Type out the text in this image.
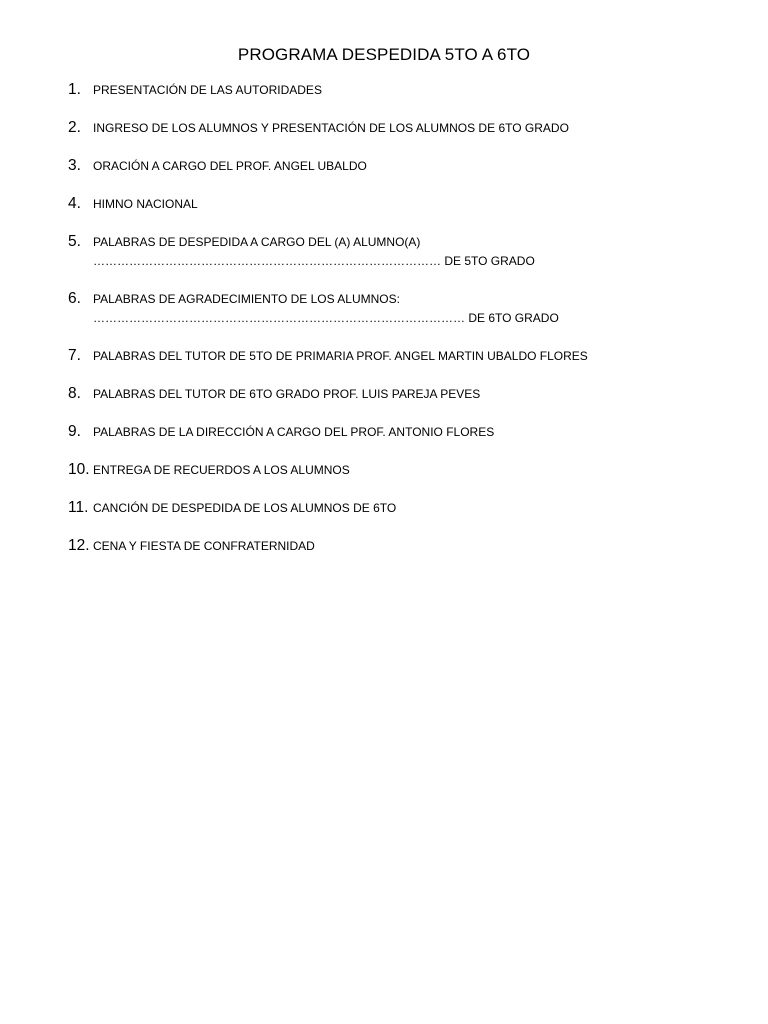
PROGRAMA DESPEDIDA 5TO A 6TO
1.	PRESENTACIÓN DE LAS AUTORIDADES
2.	INGRESO DE LOS ALUMNOS Y PRESENTACIÓN DE LOS ALUMNOS DE 6TO GRADO
3.	ORACIÓN A CARGO DEL PROF. ANGEL UBALDO
4.	HIMNO NACIONAL
5.	PALABRAS DE DESPEDIDA A CARGO DEL (A) ALUMNO(A) …………………………………………………………………………… DE 5TO GRADO
6.	PALABRAS DE AGRADECIMIENTO DE LOS ALUMNOS: ………………………………………………………………………………… DE 6TO GRADO
7.	PALABRAS DEL TUTOR DE 5TO DE PRIMARIA PROF. ANGEL MARTIN UBALDO FLORES
8.	PALABRAS DEL TUTOR DE 6TO GRADO PROF. LUIS PAREJA PEVES
9.	PALABRAS DE LA DIRECCIÓN A CARGO DEL PROF. ANTONIO FLORES
10. ENTREGA DE RECUERDOS A LOS ALUMNOS
11. CANCIÓN DE DESPEDIDA DE LOS ALUMNOS DE 6TO
12. CENA Y FIESTA DE CONFRATERNIDAD
